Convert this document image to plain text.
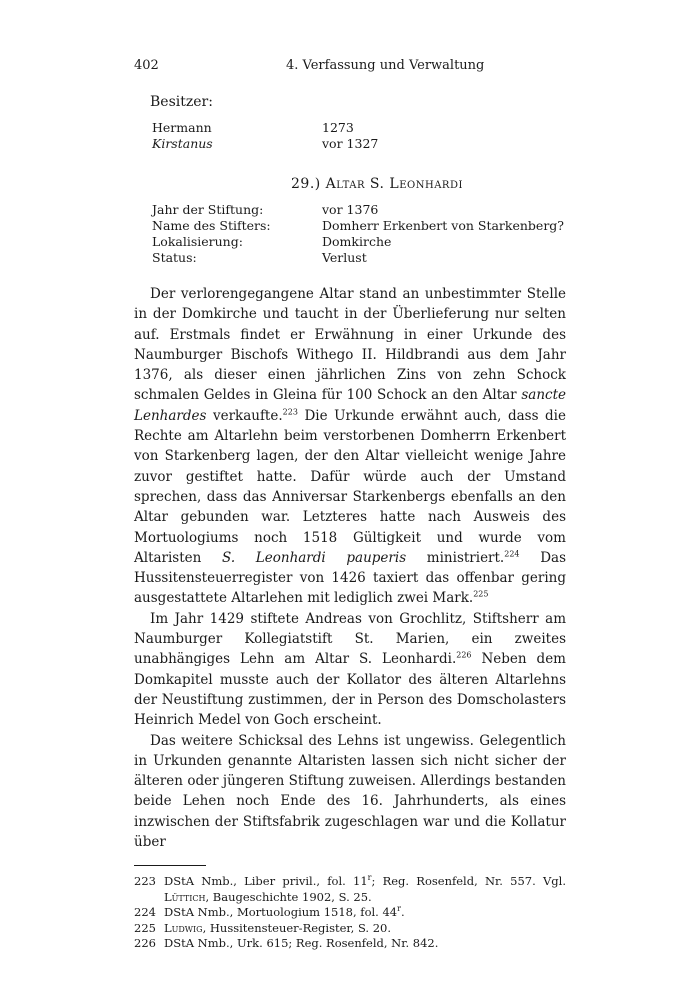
402	4. Verfassung und Verwaltung
Besitzer:
Hermann	1273
Kirstanus	vor 1327
29.) Altar S. Leonhardi
Jahr der Stiftung:	vor 1376
Name des Stifters:	Domherr Erkenbert von Starkenberg?
Lokalisierung:	Domkirche
Status:	Verlust

Der verlorengegangene Altar stand an unbestimmter Stelle in der Domkirche und taucht in der Überlieferung nur selten auf. Erstmals findet er Erwähnung in einer Urkunde des Naumburger Bischofs Withego II. Hildbrandi aus dem Jahr 1376, als dieser einen jährlichen Zins von zehn Schock schmalen Geldes in Gleina für 100 Schock an den Altar sancte Lenhardes verkaufte.$^{223}$ Die Urkunde erwähnt auch, dass die Rechte am Altarlehn beim verstorbenen Domherrn Erkenbert von Starkenberg lagen, der den Altar vielleicht wenige Jahre zuvor gestiftet hatte. Dafür würde auch der Umstand sprechen, dass das Anniversar Starkenbergs ebenfalls an den Altar gebunden war. Letzteres hatte nach Ausweis des Mortuologiums noch 1518 Gültigkeit und wurde vom Altaristen S. Leonhardi pauperis ministriert.$^{224}$ Das Hussitensteuerregister von 1426 taxiert das offenbar gering ausgestattete Altarlehen mit lediglich zwei Mark.$^{225}$

Im Jahr 1429 stiftete Andreas von Grochlitz, Stiftsherr am Naumburger Kollegiatstift St. Marien, ein zweites unabhängiges Lehn am Altar S. Leonhardi.$^{226}$ Neben dem Domkapitel musste auch der Kollator des älteren Altarlehns der Neustiftung zustimmen, der in Person des Domscholasters Heinrich Medel von Goch erscheint.

Das weitere Schicksal des Lehns ist ungewiss. Gelegentlich in Urkunden genannte Altaristen lassen sich nicht sicher der älteren oder jüngeren Stiftung zuweisen. Allerdings bestanden beide Lehen noch Ende des 16. Jahrhunderts, als eines inzwischen der Stiftsfabrik zugeschlagen war und die Kollatur über

223 DStA Nmb., Liber privil., fol. 11$^r$; Reg. Rosenfeld, Nr. 557. Vgl. Lüttich, Baugeschichte 1902, S. 25.
224 DStA Nmb., Mortuologium 1518, fol. 44$^r$.
225 Ludwig, Hussitensteuer-Register, S. 20.
226 DStA Nmb., Urk. 615; Reg. Rosenfeld, Nr. 842.
